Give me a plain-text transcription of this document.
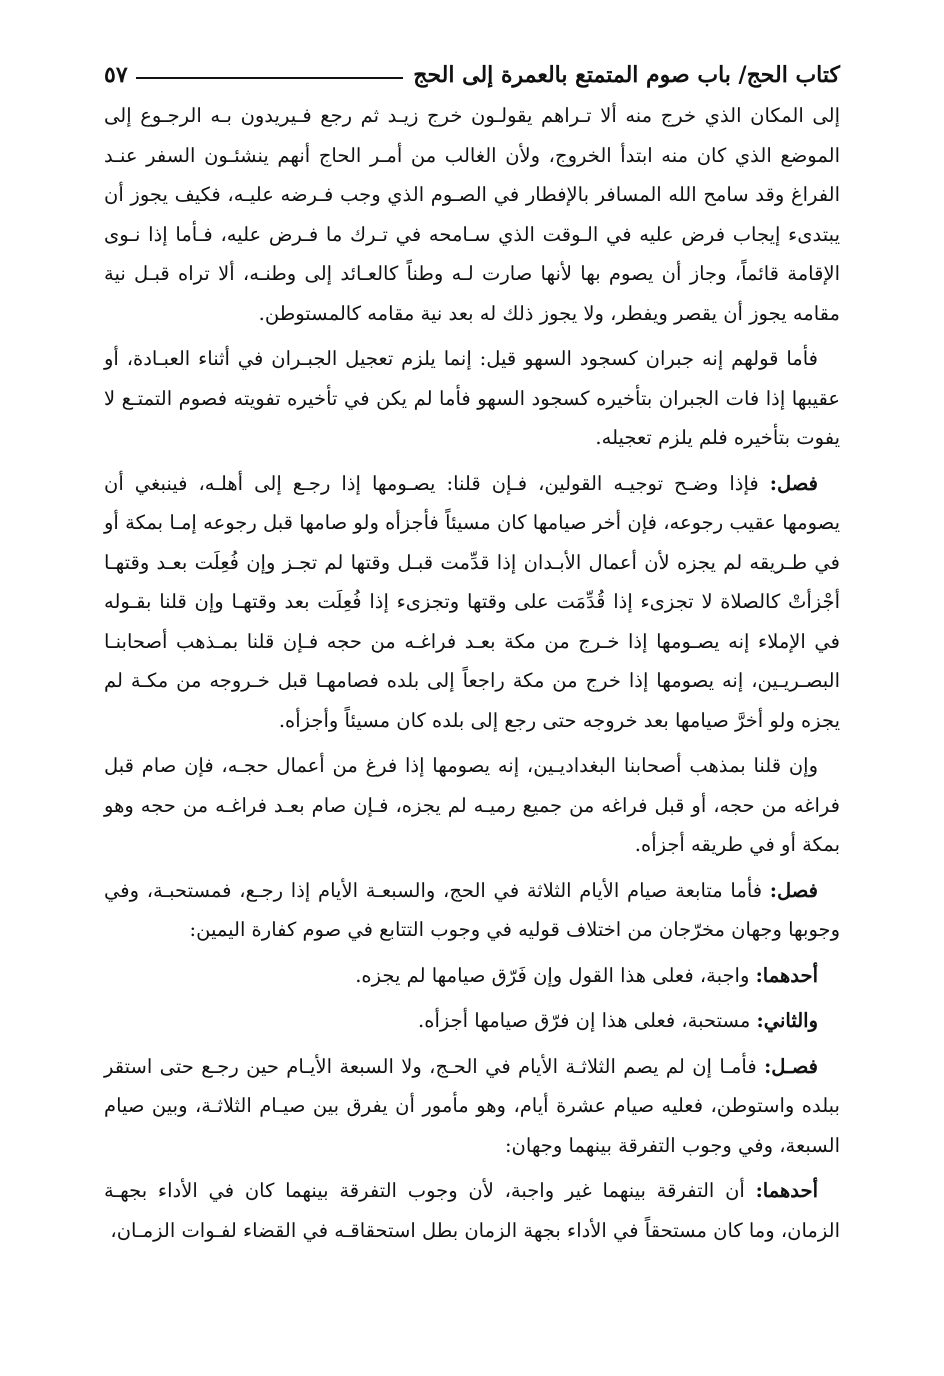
كتاب الحج/ باب صوم المتمتع بالعمرة إلى الحج
٥٧

إلى المكان الذي خرج منه ألا تـراهم يقولـون خرج زيـد ثم رجع فـيريدون بـه الرجـوع إلى الموضع الذي كان منه ابتدأ الخروج، ولأن الغالب من أمـر الحاج أنهم ينشئـون السفر عنـد الفراغ وقد سامح الله المسافر بالإفطار في الصـوم الذي وجب فـرضه عليـه، فكيف يجوز أن يبتدىء إيجاب فرض عليه في الـوقت الذي سـامحه في تـرك ما فـرض عليه، فـأما إذا نـوى الإقامة قائماً، وجاز أن يصوم بها لأنها صارت لـه وطناً كالعـائد إلى وطنـه، ألا تراه قبـل نية مقامه يجوز أن يقصر ويفطر، ولا يجوز ذلك له بعد نية مقامه كالمستوطن.

فأما قولهم إنه جبران كسجود السهو قيل: إنما يلزم تعجيل الجبـران في أثناء العبـادة، أو عقيبها إذا فات الجبران بتأخيره كسجود السهو فأما لم يكن في تأخيره تفويته فصوم التمتـع لا يفوت بتأخيره فلم يلزم تعجيله.

فصل: فإذا وضـح توجيـه القولين، فـإن قلنا: يصـومها إذا رجـع إلى أهلـه، فينبغي أن يصومها عقيب رجوعه، فإن أخر صيامها كان مسيئاً فأجزأه ولو صامها قبل رجوعه إمـا بمكة أو في طـريقه لم يجزه لأن أعمال الأبـدان إذا قدِّمت قبـل وقتها لم تجـز وإن فُعِلَت بعـد وقتهـا أجْزأتْ كالصلاة لا تجزىء إذا قُدِّمَت على وقتها وتجزىء إذا فُعِلَت بعد وقتهـا وإن قلنا بقـوله في الإملاء إنه يصـومها إذا خـرج من مكة بعـد فراغـه من حجه فـإن قلنا بمـذهب أصحابنـا البصـريـين، إنه يصومها إذا خرج من مكة راجعاً إلى بلده فصامهـا قبل خـروجه من مكـة لم يجزه ولو أخرَّ صيامها بعد خروجه حتى رجع إلى بلده كان مسيئاً وأجزأه.

وإن قلنا بمذهب أصحابنا البغداديـين، إنه يصومها إذا فرغ من أعمال حجـه، فإن صام قبل فراغه من حجه، أو قبل فراغه من جميع رميـه لم يجزه، فـإن صام بعـد فراغـه من حجه وهو بمكة أو في طريقه أجزأه.

فصل: فأما متابعة صيام الأيام الثلاثة في الحج، والسبعـة الأيام إذا رجـع، فمستحبـة، وفي وجوبها وجهان مخرّجان من اختلاف قوليه في وجوب التتابع في صوم كفارة اليمين:

أحدهما: واجبة، فعلى هذا القول وإن فَرّق صيامها لم يجزه.

والثاني: مستحبة، فعلى هذا إن فرّق صيامها أجزأه.

فصـل: فأمـا إن لم يصم الثلاثـة الأيام في الحـج، ولا السبعة الأيـام حين رجـع حتى استقر ببلده واستوطن، فعليه صيام عشرة أيام، وهو مأمور أن يفرق بين صيـام الثلاثـة، وبين صيام السبعة، وفي وجوب التفرقة بينهما وجهان:

أحدهما: أن التفرقة بينهما غير واجبة، لأن وجوب التفرقة بينهما كان في الأداء بجهـة الزمان، وما كان مستحقاً في الأداء بجهة الزمان بطل استحقاقـه في القضاء لفـوات الزمـان،
